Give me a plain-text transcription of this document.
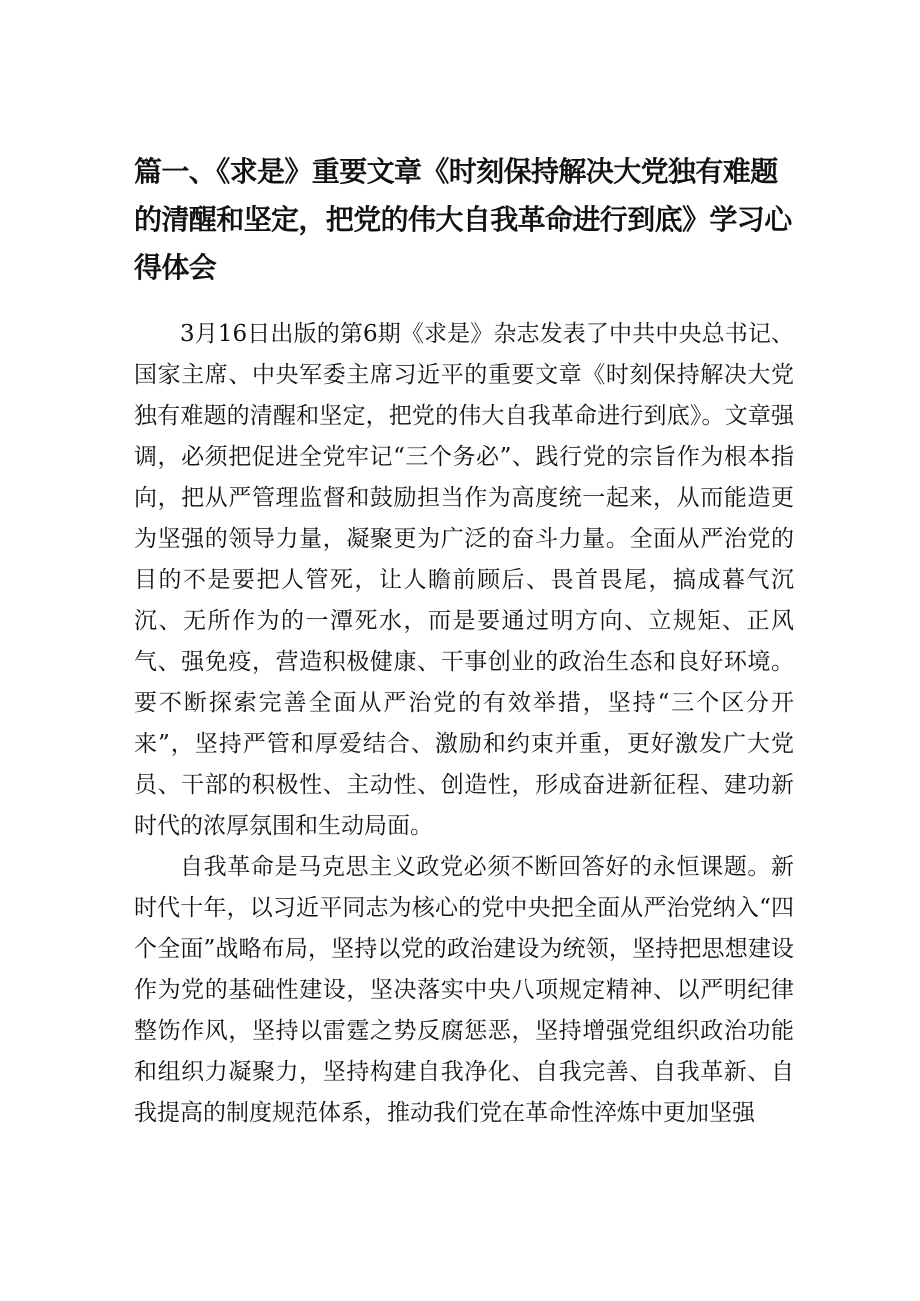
篇一、《求是》重要文章《时刻保持解决大党独有难题的清醒和坚定，把党的伟大自我革命进行到底》学习心得体会

3月16日出版的第6期《求是》杂志发表了中共中央总书记、国家主席、中央军委主席习近平的重要文章《时刻保持解决大党独有难题的清醒和坚定，把党的伟大自我革命进行到底》。文章强调，必须把促进全党牢记“三个务必”、践行党的宗旨作为根本指向，把从严管理监督和鼓励担当作为高度统一起来，从而能造更为坚强的领导力量，凝聚更为广泛的奋斗力量。全面从严治党的目的不是要把人管死，让人瞻前顾后、畏首畏尾，搞成暮气沉沉、无所作为的一潭死水，而是要通过明方向、立规矩、正风气、强免疫，营造积极健康、干事创业的政治生态和良好环境。要不断探索完善全面从严治党的有效举措，坚持“三个区分开来”，坚持严管和厚爱结合、激励和约束并重，更好激发广大党员、干部的积极性、主动性、创造性，形成奋进新征程、建功新时代的浓厚氛围和生动局面。

自我革命是马克思主义政党必须不断回答好的永恒课题。新时代十年，以习近平同志为核心的党中央把全面从严治党纳入“四个全面”战略布局，坚持以党的政治建设为统领，坚持把思想建设作为党的基础性建设，坚决落实中央八项规定精神、以严明纪律整饬作风，坚持以雷霆之势反腐惩恶，坚持增强党组织政治功能和组织力凝聚力，坚持构建自我净化、自我完善、自我革新、自我提高的制度规范体系，推动我们党在革命性淬炼中更加坚强
